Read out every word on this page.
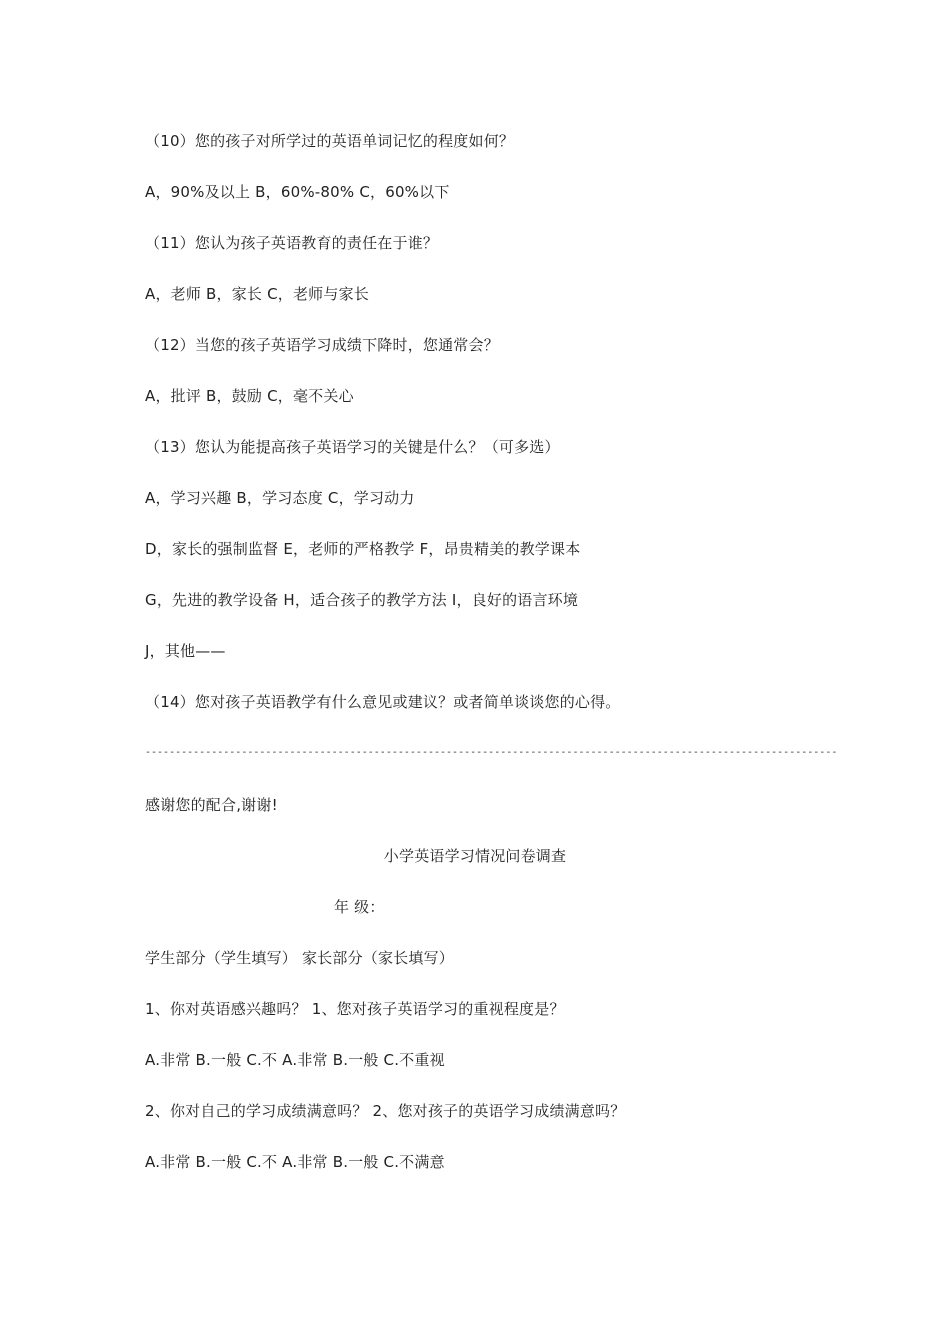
（10）您的孩子对所学过的英语单词记忆的程度如何？
A，90%及以上 B，60%-80% C，60%以下
（11）您认为孩子英语教育的责任在于谁？
A，老师 B，家长 C，老师与家长
（12）当您的孩子英语学习成绩下降时，您通常会？
A，批评 B，鼓励 C，毫不关心
（13）您认为能提高孩子英语学习的关键是什么？（可多选）
A，学习兴趣 B，学习态度 C，学习动力
D，家长的强制监督 E，老师的严格教学 F，昂贵精美的教学课本
G，先进的教学设备 H，适合孩子的教学方法 I，良好的语言环境
J，其他——
（14）您对孩子英语教学有什么意见或建议？或者简单谈谈您的心得。
-------------------------------------------------------------------------------------------------------------------
感谢您的配合,谢谢!
小学英语学习情况问卷调查
年 级：
学生部分（学生填写） 家长部分（家长填写）
1、你对英语感兴趣吗？ 1、您对孩子英语学习的重视程度是？
A.非常 B.一般 C.不 A.非常 B.一般 C.不重视
2、你对自己的学习成绩满意吗？ 2、您对孩子的英语学习成绩满意吗？
A.非常 B.一般 C.不 A.非常 B.一般 C.不满意
